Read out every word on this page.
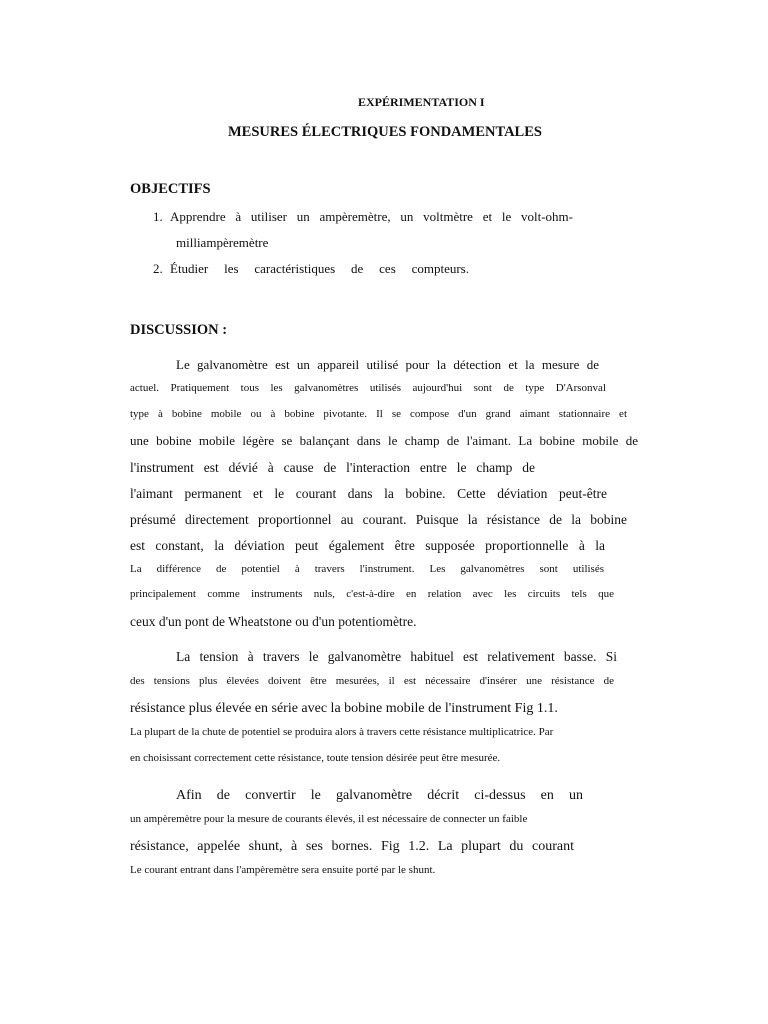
EXPÉRIMENTATION I
MESURES ÉLECTRIQUES FONDAMENTALES
OBJECTIFS
1. Apprendre à utiliser un ampèremètre, un voltmètre et le volt-ohm-
milliampèremètre
2. Étudier les caractéristiques de ces compteurs.
DISCUSSION :
Le galvanomètre est un appareil utilisé pour la détection et la mesure de
actuel. Pratiquement tous les galvanomètres utilisés aujourd'hui sont de type D'Arsonval
type à bobine mobile ou à bobine pivotante. Il se compose d'un grand aimant stationnaire et
une bobine mobile légère se balançant dans le champ de l'aimant. La bobine mobile de
l'instrument est dévié à cause de l'interaction entre le champ de
l'aimant permanent et le courant dans la bobine. Cette déviation peut-être
présumé directement proportionnel au courant. Puisque la résistance de la bobine
est constant, la déviation peut également être supposée proportionnelle à la
La différence de potentiel à travers l'instrument. Les galvanomètres sont utilisés
principalement comme instruments nuls, c'est-à-dire en relation avec les circuits tels que
ceux d'un pont de Wheatstone ou d'un potentiomètre.
La tension à travers le galvanomètre habituel est relativement basse. Si
des tensions plus élevées doivent être mesurées, il est nécessaire d'insérer une résistance de
résistance plus élevée en série avec la bobine mobile de l'instrument Fig 1.1.
La plupart de la chute de potentiel se produira alors à travers cette résistance multiplicatrice. Par
en choisissant correctement cette résistance, toute tension désirée peut être mesurée.
Afin de convertir le galvanomètre décrit ci-dessus en un
un ampèremètre pour la mesure de courants élevés, il est nécessaire de connecter un faible
résistance, appelée shunt, à ses bornes. Fig 1.2. La plupart du courant
Le courant entrant dans l'ampèremètre sera ensuite porté par le shunt.
